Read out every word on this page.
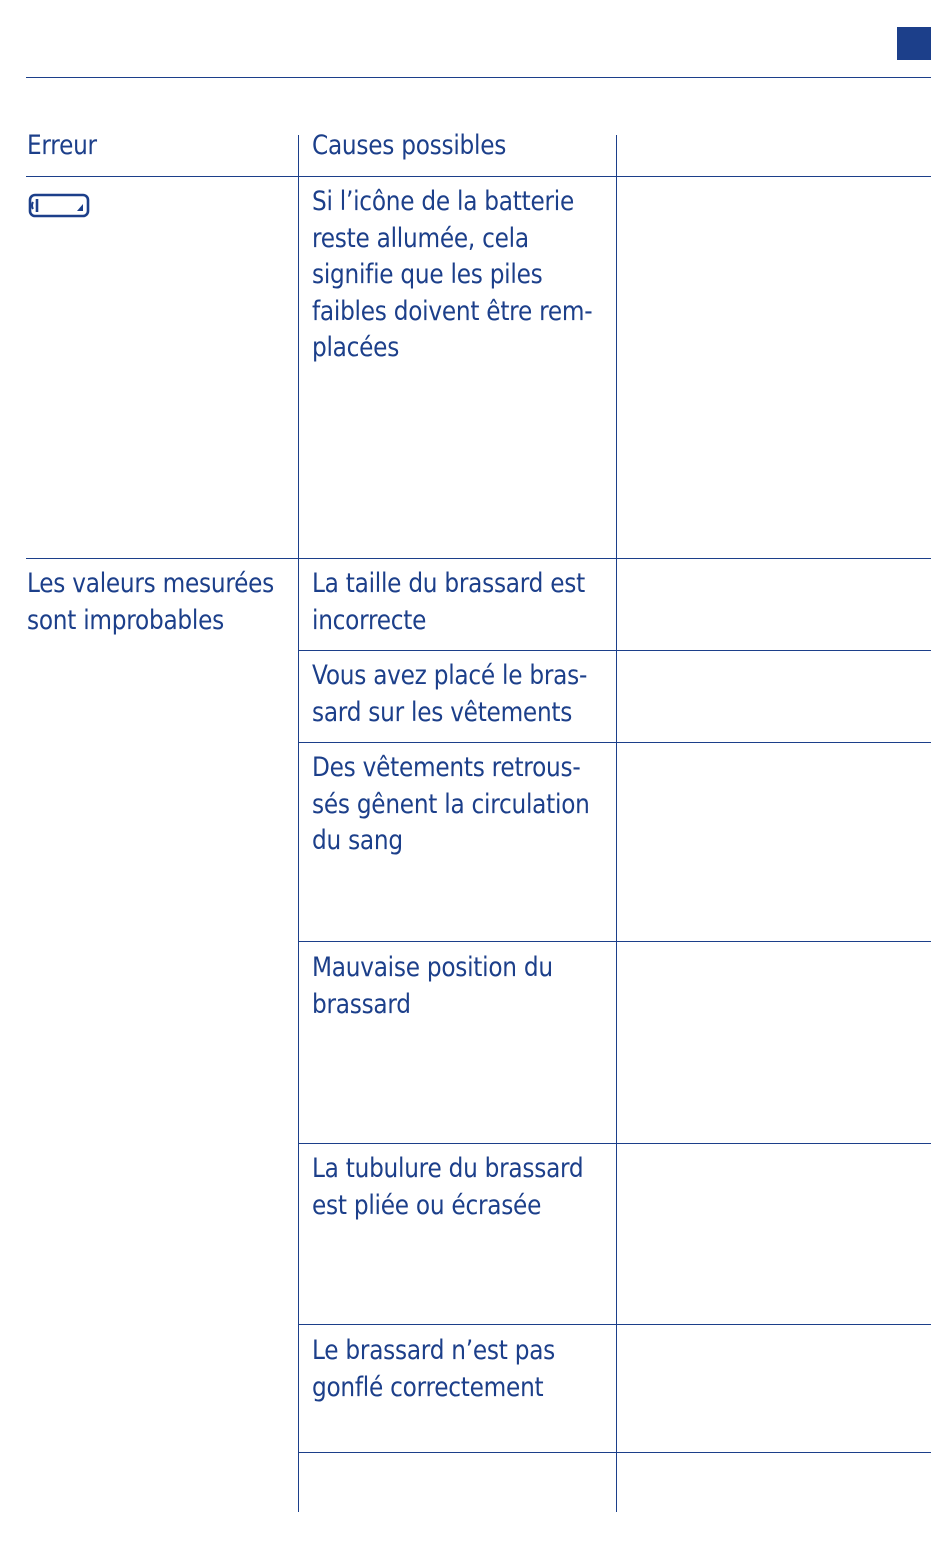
Erreur	Causes possibles
Si l’icône de la batterie
reste allumée, cela
signifie que les piles
faibles doivent être rem-
placées
Les valeurs mesurées
sont improbables
La taille du brassard est
incorrecte
Vous avez placé le bras-
sard sur les vêtements
Des vêtements retrous-
sés gênent la circulation
du sang
Mauvaise position du
brassard
La tubulure du brassard
est pliée ou écrasée
Le brassard n’est pas
gonflé correctement
